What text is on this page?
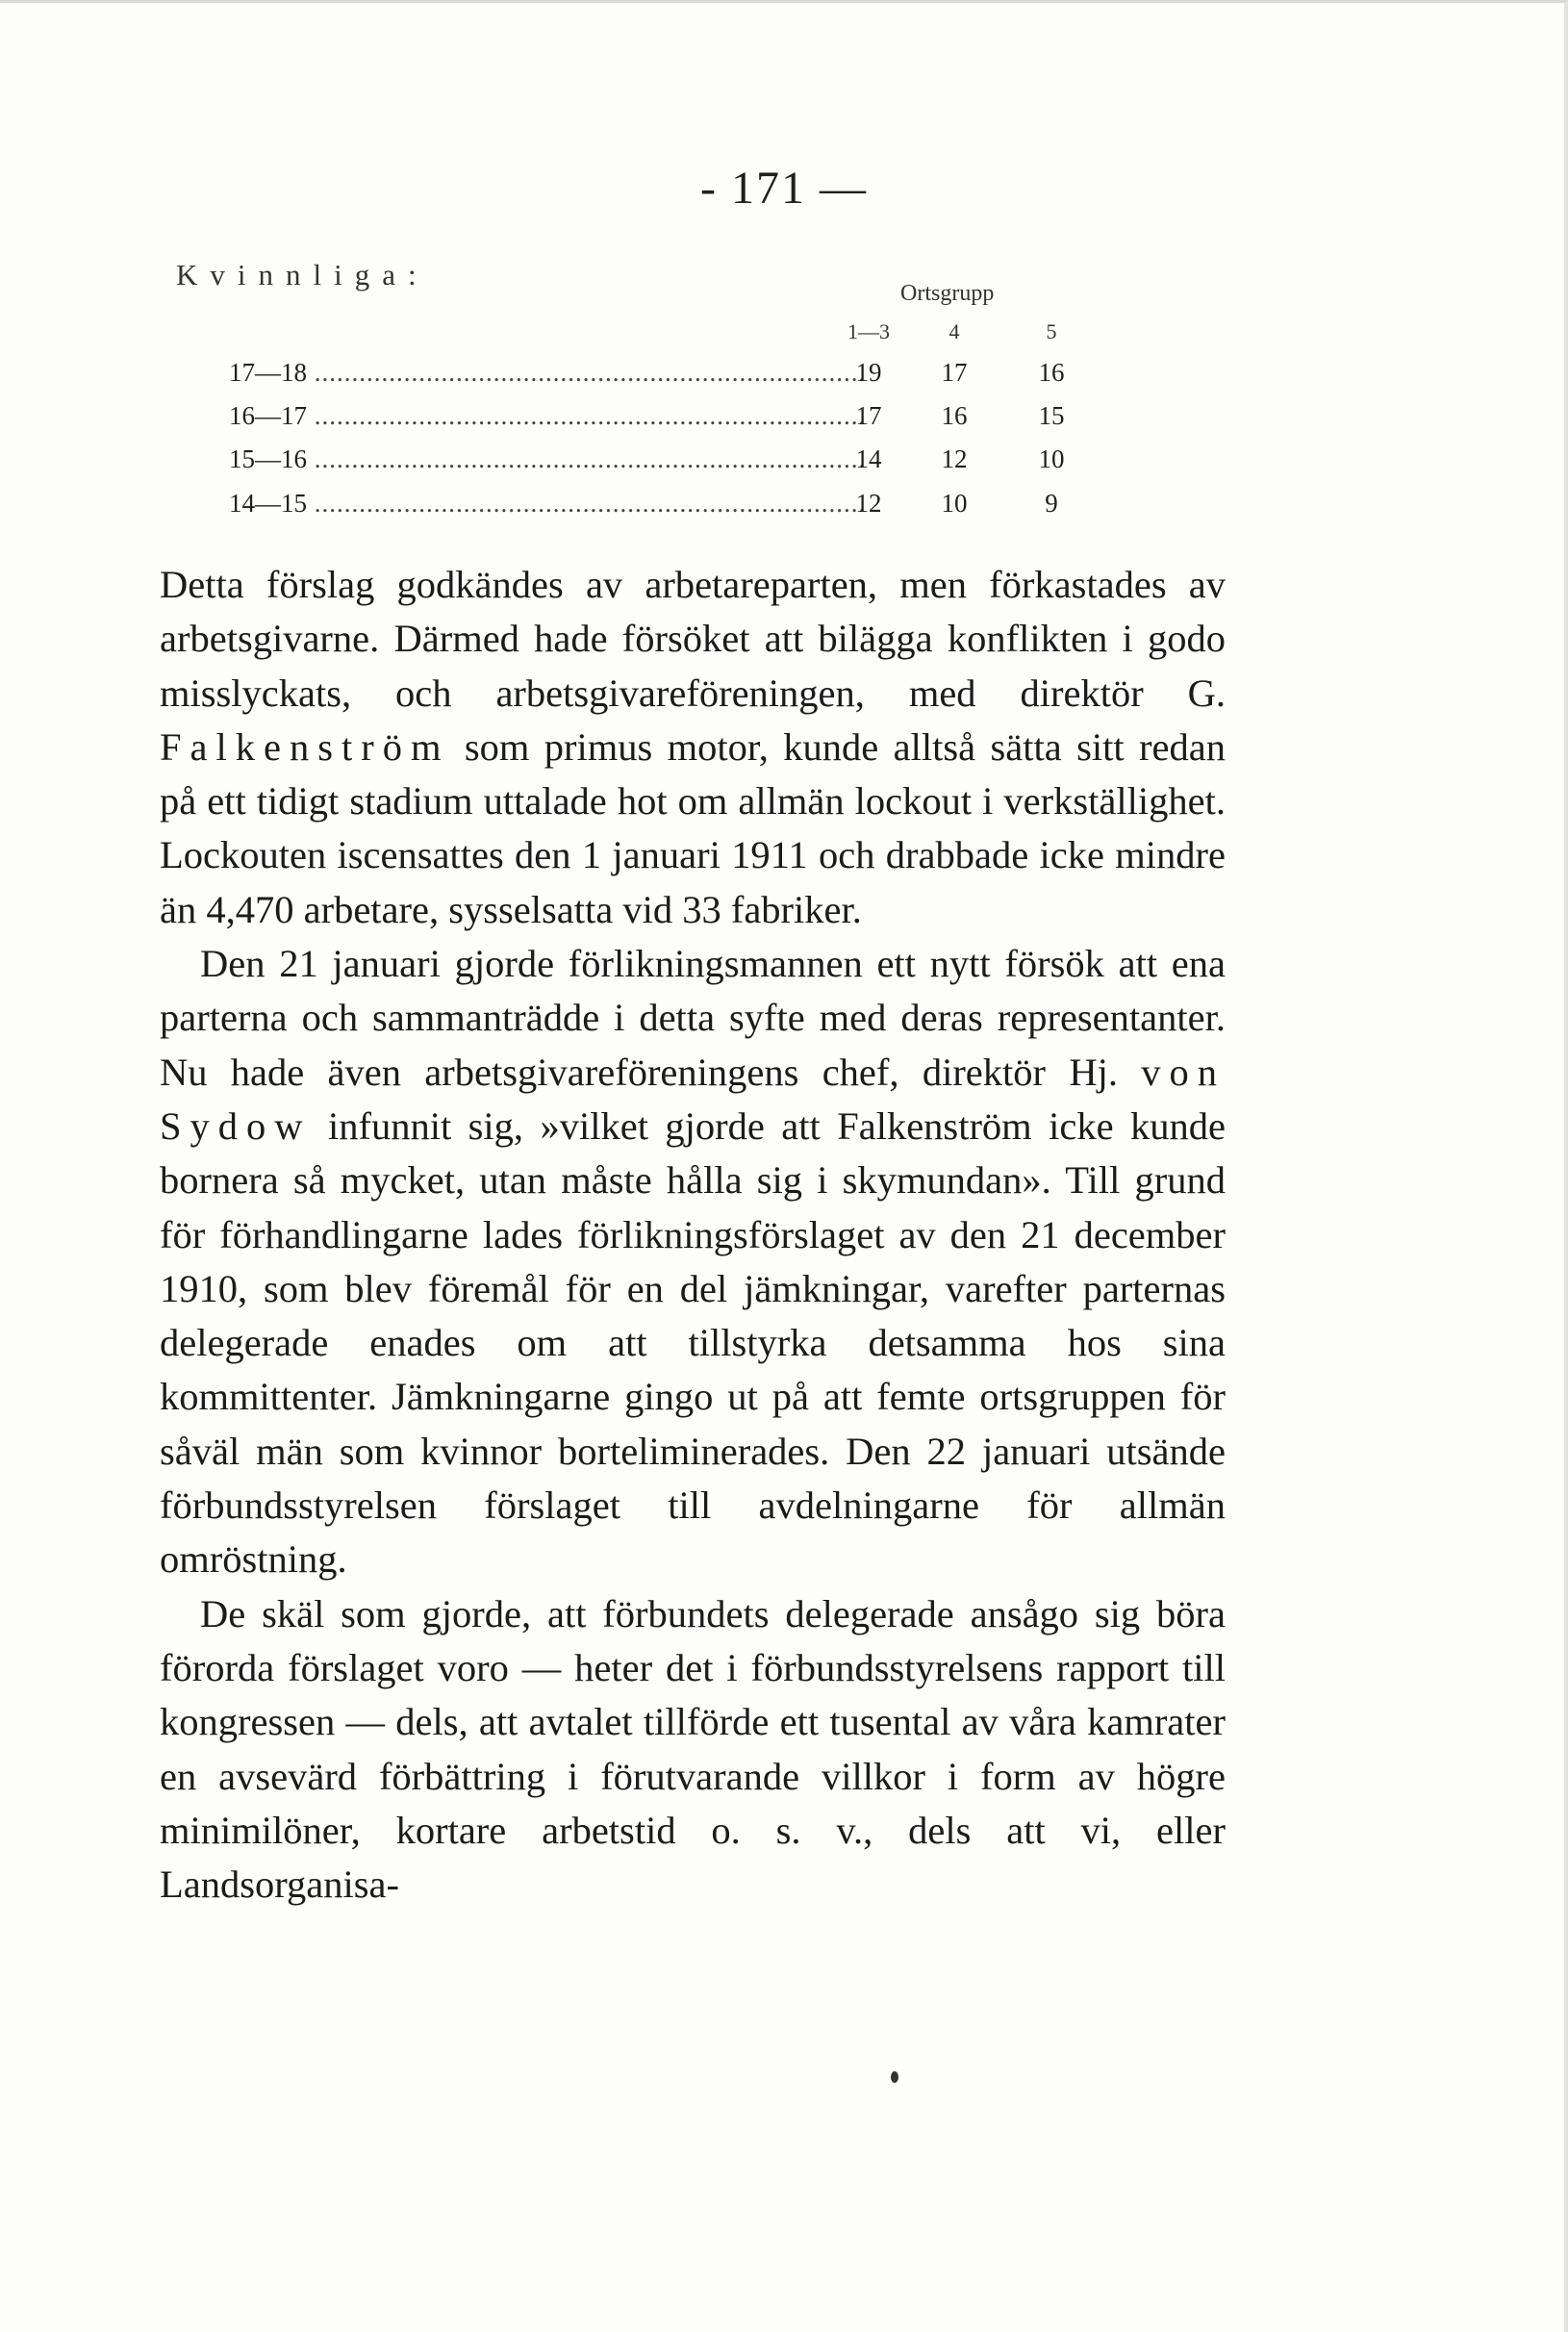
- 171 —
Kvinnliga:
Ortsgrupp
1—3	4	5
17—18 .....	19	17	16
16—17 .....	17	16	15
15—16 .....	14	12	10
14—15 .....	12	10	9

Detta förslag godkändes av arbetareparten, men förkastades av arbetsgivarne. Därmed hade försöket att bilägga konflikten i godo misslyckats, och arbetsgivareföreningen, med direktör G. Falkenström som primus motor, kunde alltså sätta sitt redan på ett tidigt stadium uttalade hot om allmän lockout i verkställighet. Lockouten iscensattes den 1 januari 1911 och drabbade icke mindre än 4,470 arbetare, sysselsatta vid 33 fabriker.

Den 21 januari gjorde förlikningsmannen ett nytt försök att ena parterna och sammanträdde i detta syfte med deras representanter. Nu hade även arbetsgivareföreningens chef, direktör Hj. von Sydow infunnit sig, »vilket gjorde att Falkenström icke kunde bornera så mycket, utan måste hålla sig i skymundan». Till grund för förhandlingarne lades förlikningsförslaget av den 21 december 1910, som blev föremål för en del jämkningar, varefter parternas delegerade enades om att tillstyrka detsamma hos sina kommittenter. Jämkningarne gingo ut på att femte ortsgruppen för såväl män som kvinnor borteliminerades. Den 22 januari utsände förbundsstyrelsen förslaget till avdelningarne för allmän omröstning.

De skäl som gjorde, att förbundets delegerade ansågo sig böra förorda förslaget voro — heter det i förbundsstyrelsens rapport till kongressen — dels, att avtalet tillförde ett tusental av våra kamrater en avsevärd förbättring i förutvarande villkor i form av högre minimilöner, kortare arbetstid o. s. v., dels att vi, eller Landsorganisa-
